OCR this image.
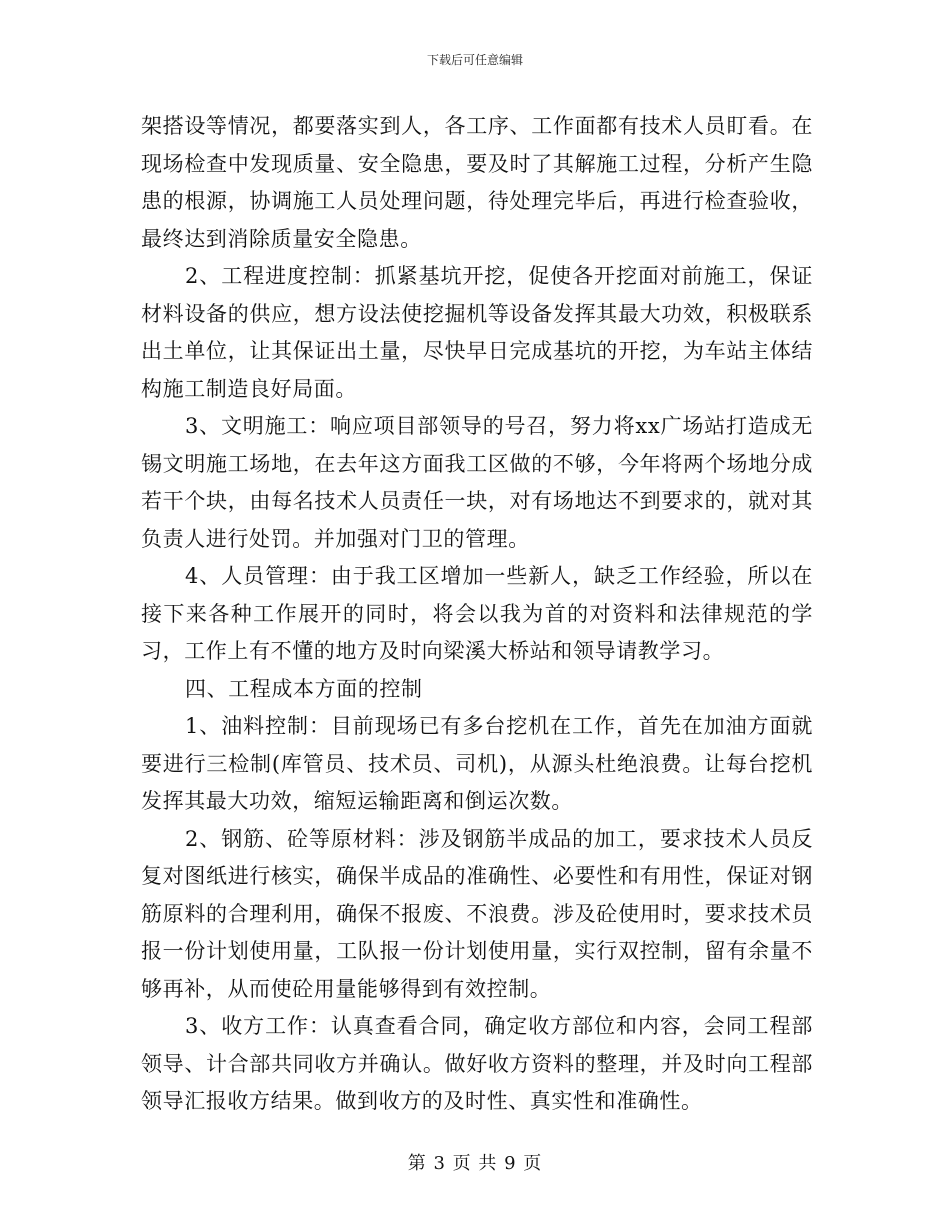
下载后可任意编辑

架搭设等情况，都要落实到人，各工序、工作面都有技术人员盯看。在现场检查中发现质量、安全隐患，要及时了其解施工过程，分析产生隐患的根源，协调施工人员处理问题，待处理完毕后，再进行检查验收，最终达到消除质量安全隐患。

2、工程进度控制：抓紧基坑开挖，促使各开挖面对前施工，保证材料设备的供应，想方设法使挖掘机等设备发挥其最大功效，积极联系出土单位，让其保证出土量，尽快早日完成基坑的开挖，为车站主体结构施工制造良好局面。

3、文明施工：响应项目部领导的号召，努力将xx广场站打造成无锡文明施工场地，在去年这方面我工区做的不够，今年将两个场地分成若干个块，由每名技术人员责任一块，对有场地达不到要求的，就对其负责人进行处罚。并加强对门卫的管理。

4、人员管理：由于我工区增加一些新人，缺乏工作经验，所以在接下来各种工作展开的同时，将会以我为首的对资料和法律规范的学习，工作上有不懂的地方及时向梁溪大桥站和领导请教学习。

四、工程成本方面的控制

1、油料控制：目前现场已有多台挖机在工作，首先在加油方面就要进行三检制(库管员、技术员、司机)，从源头杜绝浪费。让每台挖机发挥其最大功效，缩短运输距离和倒运次数。

2、钢筋、砼等原材料：涉及钢筋半成品的加工，要求技术人员反复对图纸进行核实，确保半成品的准确性、必要性和有用性，保证对钢筋原料的合理利用，确保不报废、不浪费。涉及砼使用时，要求技术员报一份计划使用量，工队报一份计划使用量，实行双控制，留有余量不够再补，从而使砼用量能够得到有效控制。

3、收方工作：认真查看合同，确定收方部位和内容，会同工程部领导、计合部共同收方并确认。做好收方资料的整理，并及时向工程部领导汇报收方结果。做到收方的及时性、真实性和准确性。

第 3 页 共 9 页
